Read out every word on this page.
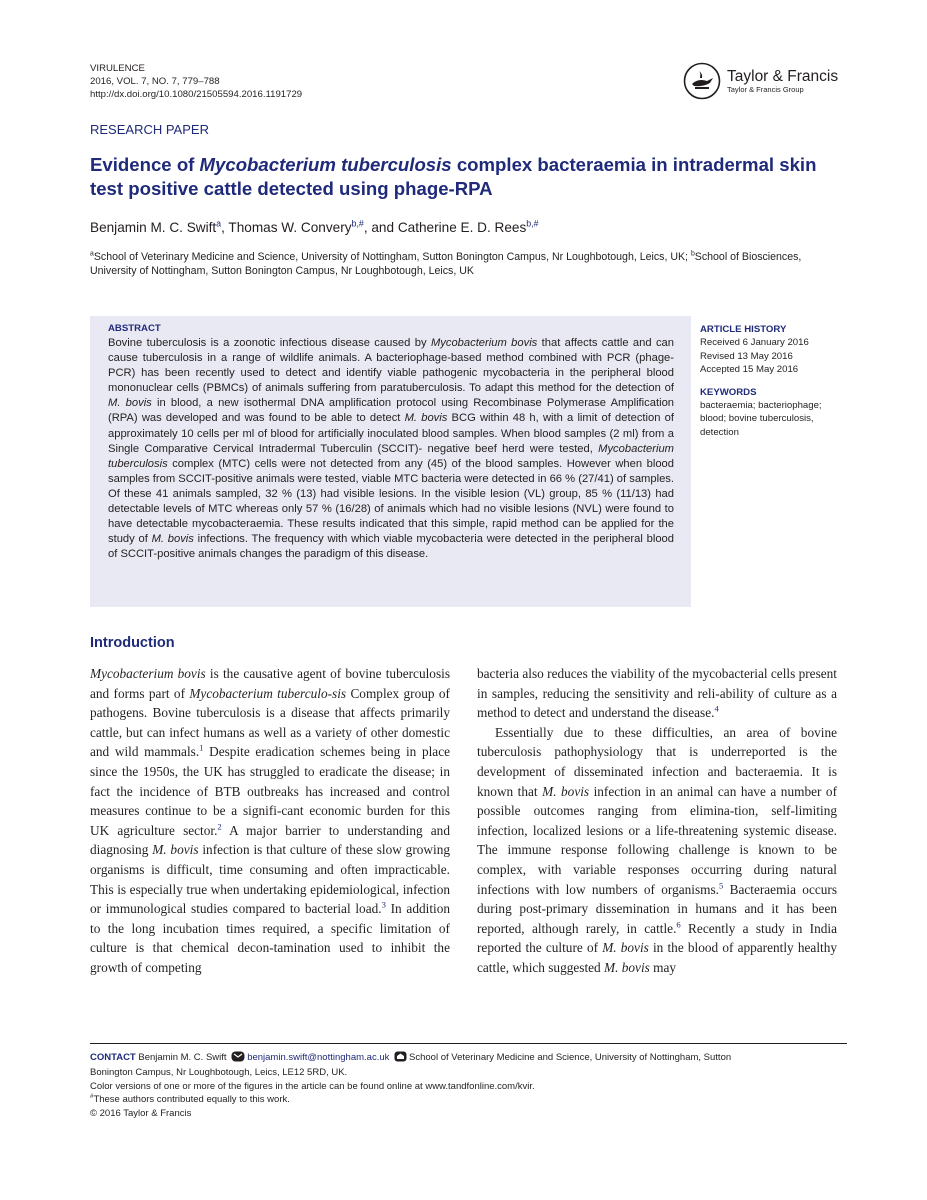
VIRULENCE
2016, VOL. 7, NO. 7, 779–788
http://dx.doi.org/10.1080/21505594.2016.1191729
Taylor & Francis
Taylor & Francis Group
RESEARCH PAPER
Evidence of Mycobacterium tuberculosis complex bacteraemia in intradermal skin test positive cattle detected using phage-RPA
Benjamin M. C. Swift$^a$, Thomas W. Convery$^{b,\#}$, and Catherine E. D. Rees$^{b,\#}$
$^a$School of Veterinary Medicine and Science, University of Nottingham, Sutton Bonington Campus, Nr Loughbotough, Leics, UK; $^b$School of Biosciences, University of Nottingham, Sutton Bonington Campus, Nr Loughbotough, Leics, UK
ABSTRACT

Bovine tuberculosis is a zoonotic infectious disease caused by Mycobacterium bovis that affects cattle and can cause tuberculosis in a range of wildlife animals. A bacteriophage-based method combined with PCR (phage-PCR) has been recently used to detect and identify viable pathogenic mycobacteria in the peripheral blood mononuclear cells (PBMCs) of animals suffering from paratuberculosis. To adapt this method for the detection of M. bovis in blood, a new isothermal DNA amplification protocol using Recombinase Polymerase Amplification (RPA) was developed and was found to be able to detect M. bovis BCG within 48 h, with a limit of detection of approximately 10 cells per ml of blood for artificially inoculated blood samples. When blood samples (2 ml) from a Single Comparative Cervical Intradermal Tuberculin (SCCIT)- negative beef herd were tested, Mycobacterium tuberculosis complex (MTC) cells were not detected from any (45) of the blood samples. However when blood samples from SCCIT-positive animals were tested, viable MTC bacteria were detected in 66 % (27/41) of samples. Of these 41 animals sampled, 32 % (13) had visible lesions. In the visible lesion (VL) group, 85 % (11/13) had detectable levels of MTC whereas only 57 % (16/28) of animals which had no visible lesions (NVL) were found to have detectable mycobacteraemia. These results indicated that this simple, rapid method can be applied for the study of M. bovis infections. The frequency with which viable mycobacteria were detected in the peripheral blood of SCCIT-positive animals changes the paradigm of this disease.

ARTICLE HISTORY
Received 6 January 2016
Revised 13 May 2016
Accepted 15 May 2016
KEYWORDS
bacteraemia; bacteriophage; blood; bovine tuberculosis, detection
Introduction

Mycobacterium bovis is the causative agent of bovine tuberculosis and forms part of Mycobacterium tuberculo-sis Complex group of pathogens. Bovine tuberculosis is a disease that affects primarily cattle, but can infect humans as well as a variety of other domestic and wild mammals.$^1$ Despite eradication schemes being in place since the 1950s, the UK has struggled to eradicate the disease; in fact the incidence of BTB outbreaks has increased and control measures continue to be a signifi-cant economic burden for this UK agriculture sector.$^2$ A major barrier to understanding and diagnosing M. bovis infection is that culture of these slow growing organisms is difficult, time consuming and often impracticable. This is especially true when undertaking epidemiological, infection or immunological studies compared to bacterial load.$^3$ In addition to the long incubation times required, a specific limitation of culture is that chemical decon-tamination used to inhibit the growth of competing

bacteria also reduces the viability of the mycobacterial cells present in samples, reducing the sensitivity and reli-ability of culture as a method to detect and understand the disease.$^4$

Essentially due to these difficulties, an area of bovine tuberculosis pathophysiology that is underreported is the development of disseminated infection and bacteraemia. It is known that M. bovis infection in an animal can have a number of possible outcomes ranging from elimina-tion, self-limiting infection, localized lesions or a life-threatening systemic disease. The immune response following challenge is known to be complex, with variable responses occurring during natural infections with low numbers of organisms.$^5$ Bacteraemia occurs during post-primary dissemination in humans and it has been reported, although rarely, in cattle.$^6$ Recently a study in India reported the culture of M. bovis in the blood of apparently healthy cattle, which suggested M. bovis may

CONTACT Benjamin M. C. Swift benjamin.swift@nottingham.ac.uk School of Veterinary Medicine and Science, University of Nottingham, Sutton
Bonington Campus, Nr Loughbotough, Leics, LE12 5RD, UK.
Color versions of one or more of the figures in the article can be found online at www.tandfonline.com/kvir.
#These authors contributed equally to this work.
© 2016 Taylor & Francis
